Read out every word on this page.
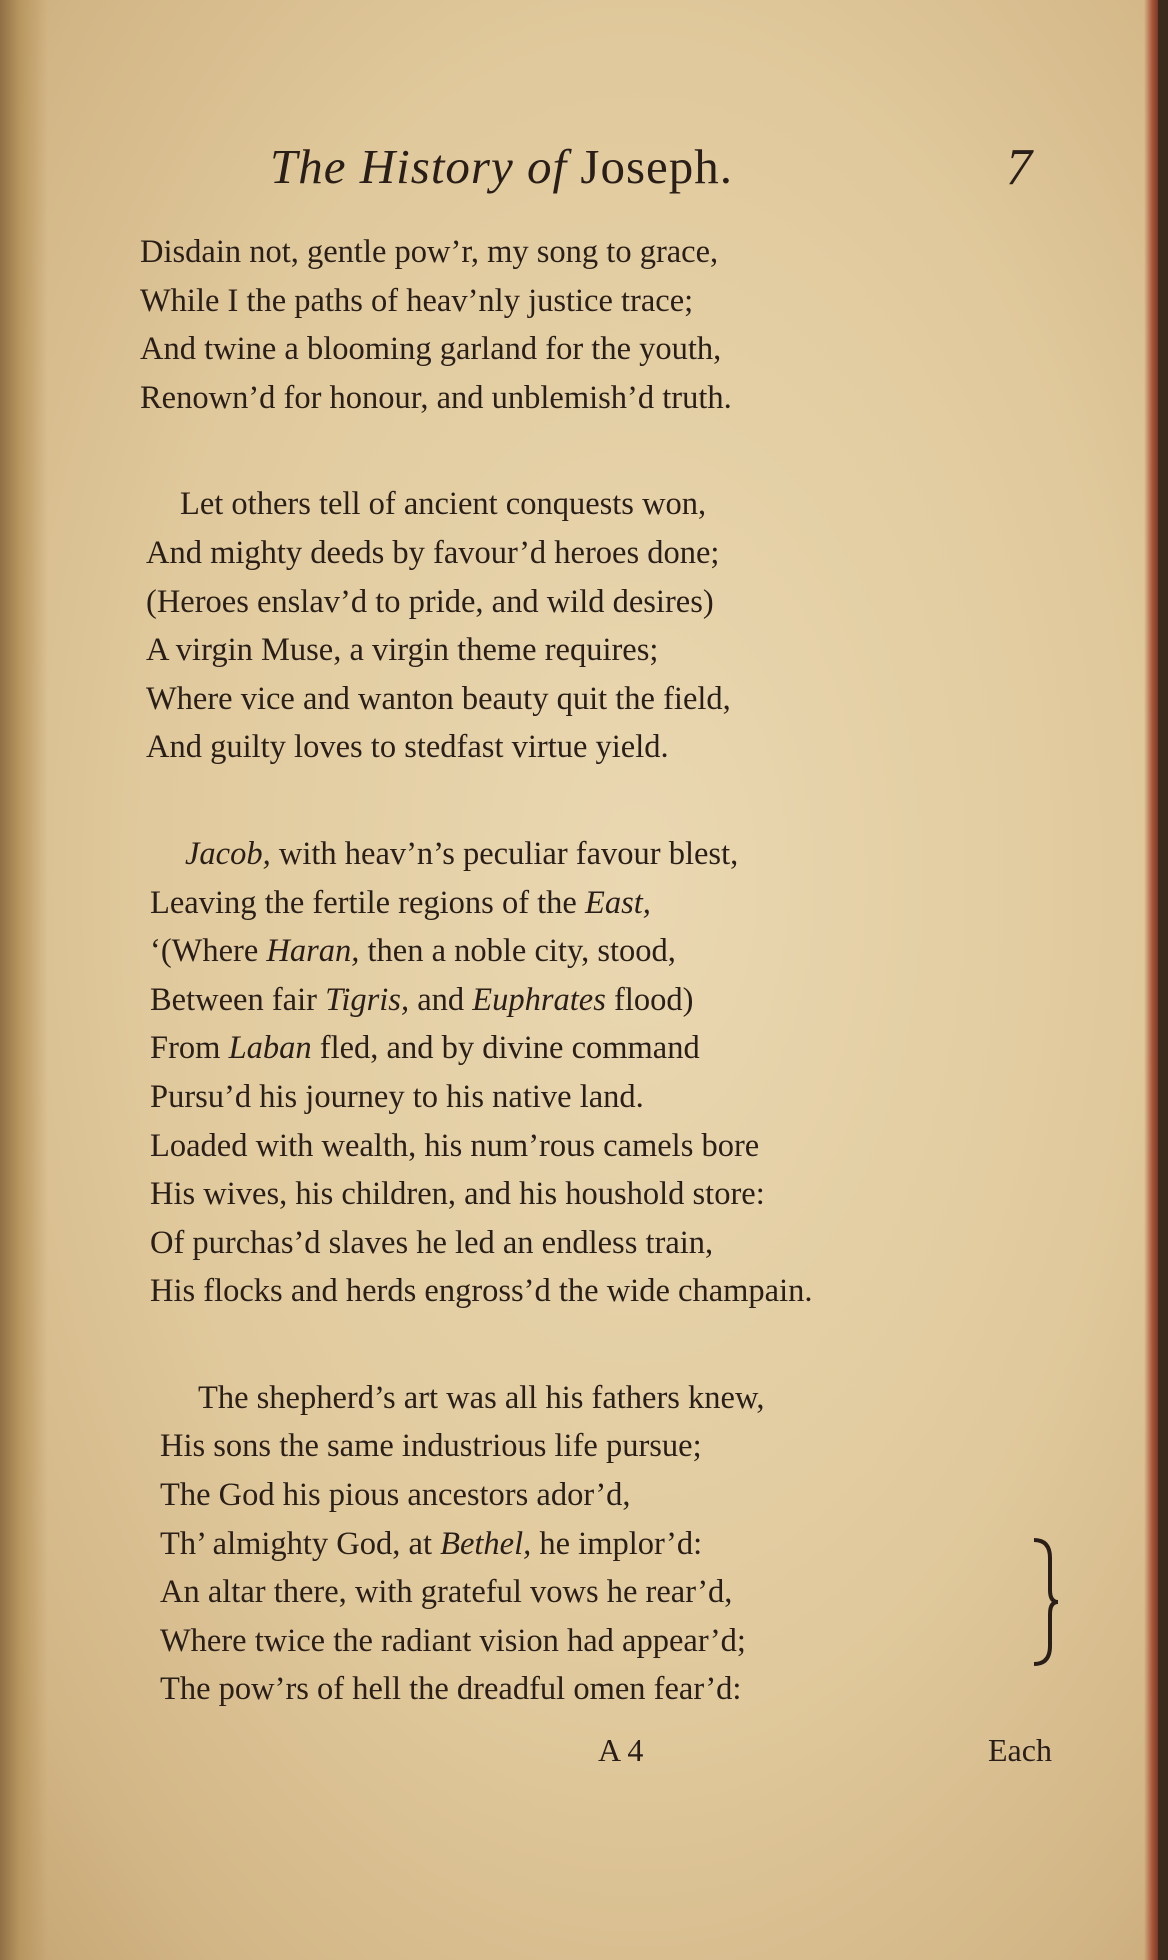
The History of Joseph.	7
Disdain not, gentle pow’r, my song to grace,
While I the paths of heav’nly justice trace;
And twine a blooming garland for the youth,
Renown’d for honour, and unblemish’d truth.
Let others tell of ancient conquests won,
And mighty deeds by favour’d heroes done;
(Heroes enslav’d to pride, and wild desires)
A virgin Muse, a virgin theme requires;
Where vice and wanton beauty quit the field,
And guilty loves to stedfast virtue yield.
Jacob, with heav’n’s peculiar favour blest,
Leaving the fertile regions of the East,
‘(Where Haran, then a noble city, stood,
Between fair Tigris, and Euphrates flood)
From Laban fled, and by divine command
Pursu’d his journey to his native land.
Loaded with wealth, his num’rous camels bore
His wives, his children, and his houshold store:
Of purchas’d slaves he led an endless train,
His flocks and herds engross’d the wide champain.
The shepherd’s art was all his fathers knew,
His sons the same industrious life pursue;
The God his pious ancestors ador’d,
Th’ almighty God, at Bethel, he implor’d:
An altar there, with grateful vows he rear’d,
Where twice the radiant vision had appear’d;
The pow’rs of hell the dreadful omen fear’d:
A 4	Each
